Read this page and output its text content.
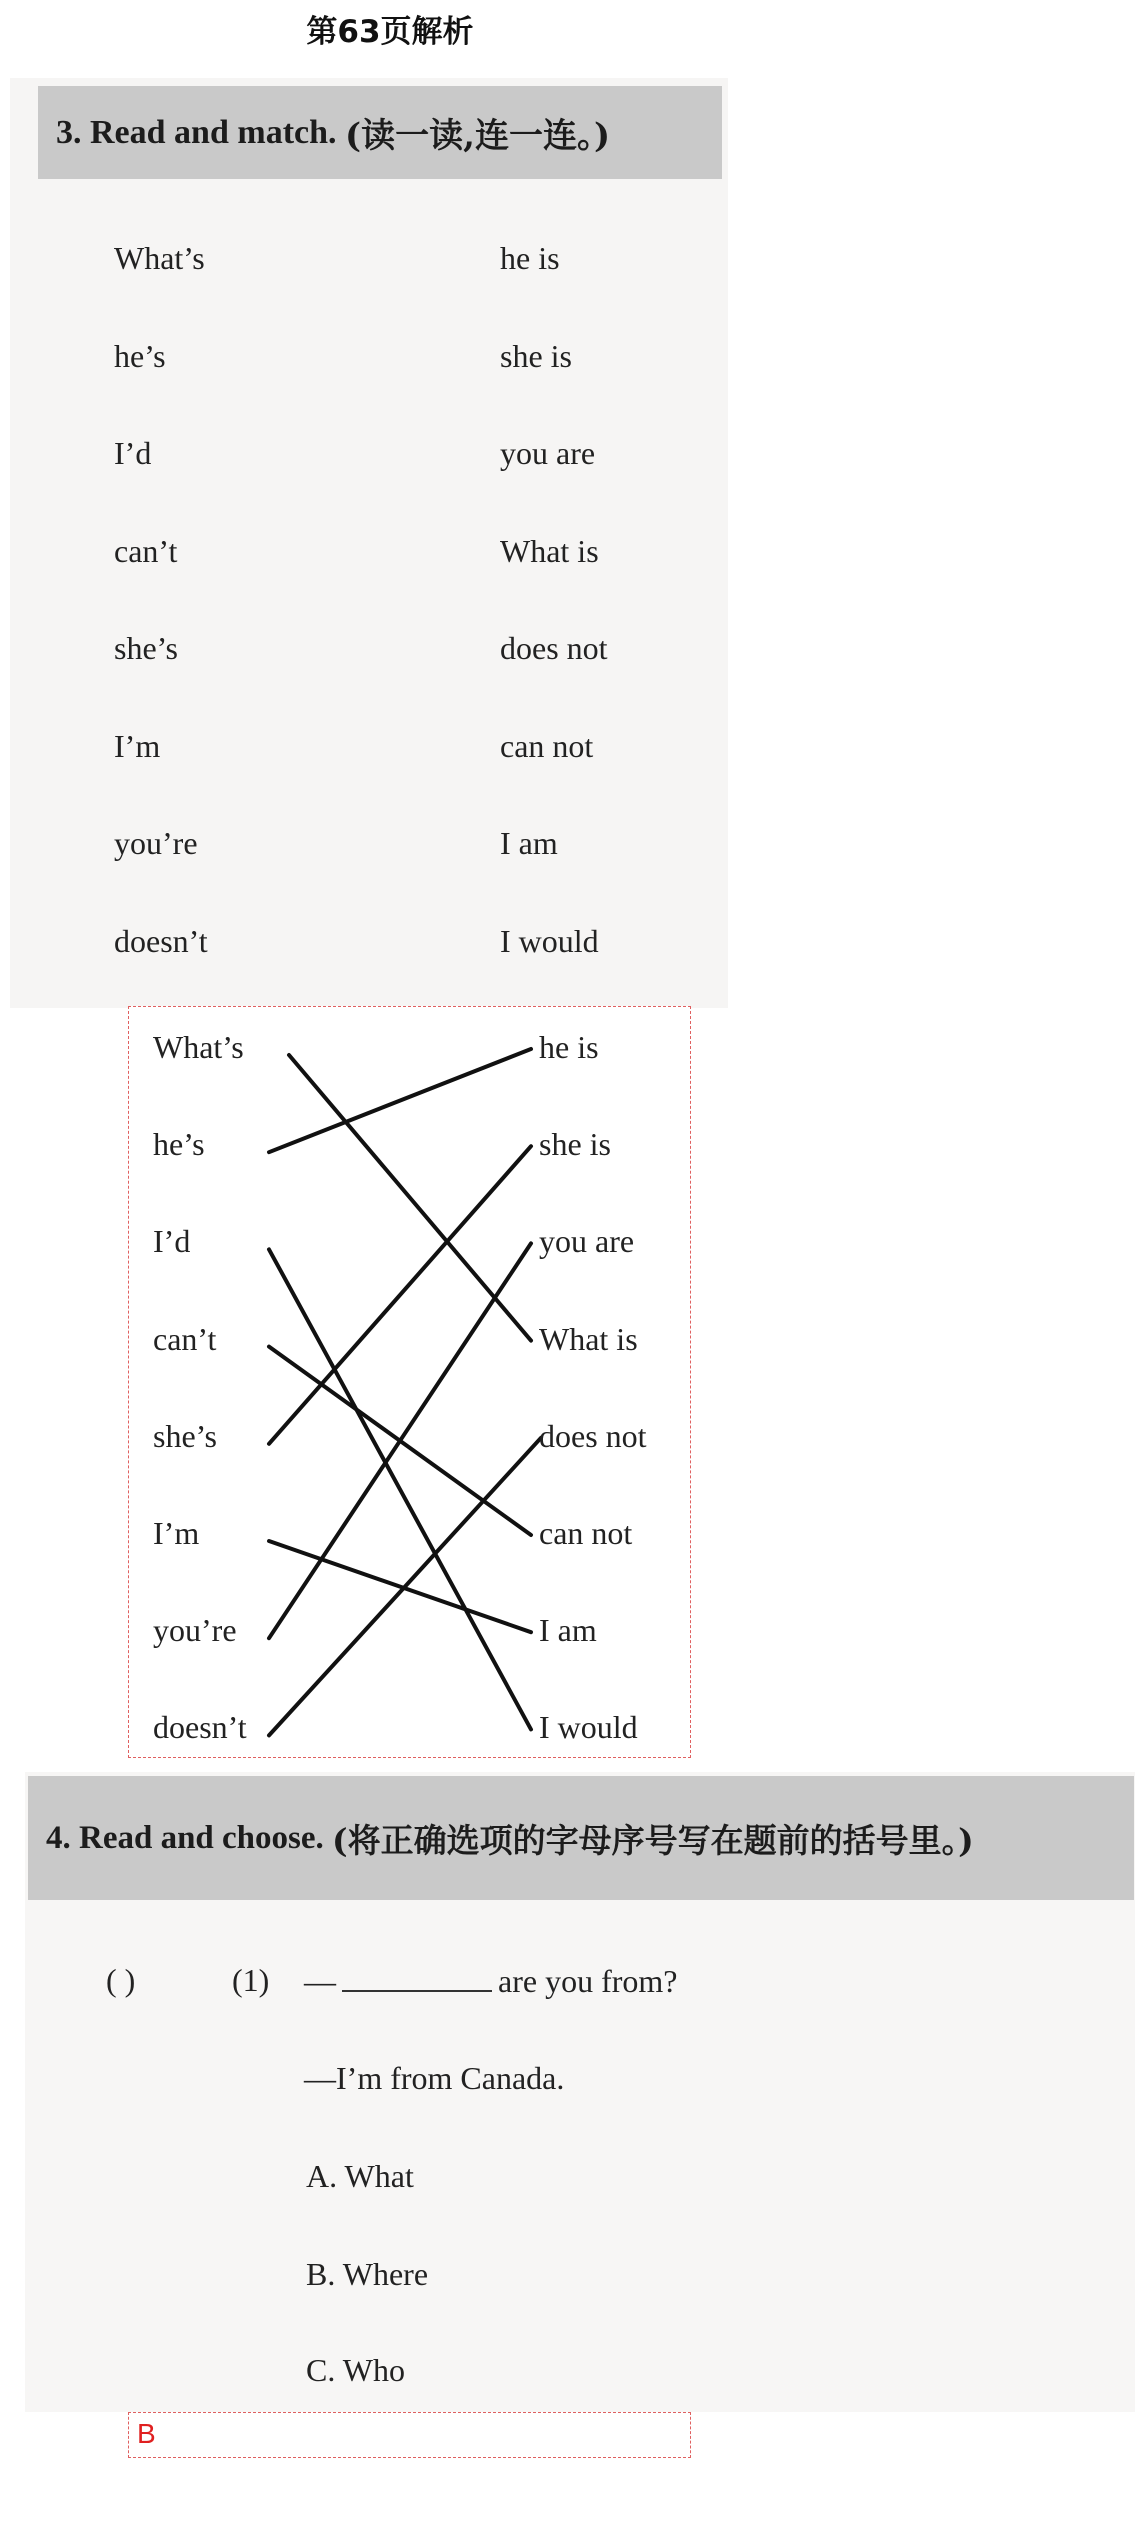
第63页解析
3.
Read and match.
(读一读,连一连。)
What’s
he’s
I’d
can’t
she’s
I’m
you’re
doesn’t
he is
she is
you are
What is
does not
can not
I am
I would
What’s
he’s
I’d
can’t
she’s
I’m
you’re
doesn’t
he is
she is
you are
What is
does not
can not
I am
I would
4.
Read and choose.
(将正确选项的字母序号写在题前的括号里。)
( )	(1) —	are you from?
—I’m from Canada.
A. What
B. Where
C. Who
B
